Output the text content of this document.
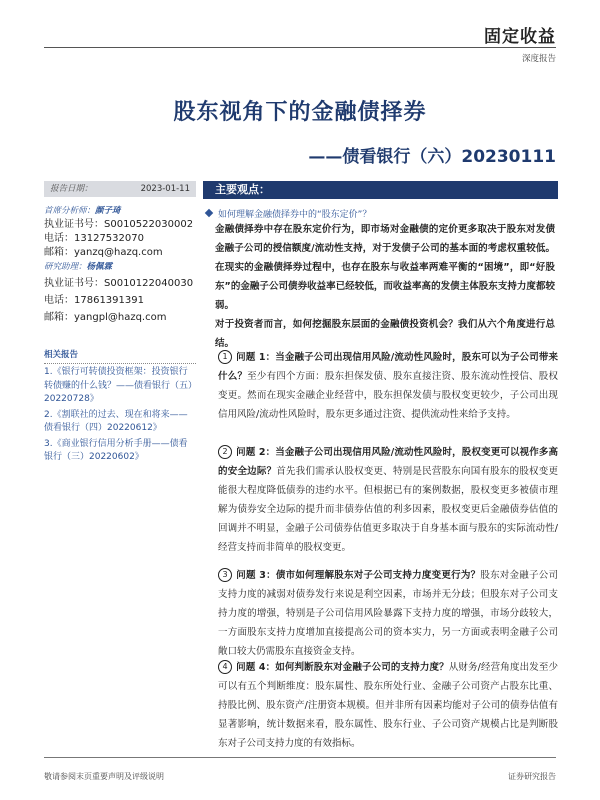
固定收益
深度报告
股东视角下的金融债择券
——债看银行（六）20230111
报告日期：	2023-01-11
首席分析师：颜子琦
执业证书号：S0010522030002
电话：13127532070
邮箱：yanzq@hazq.com
研究助理：杨佩霖
执业证书号：S0010122040030
电话：17861391391
邮箱：yangpl@hazq.com
相关报告
1.《银行可转债投资框架：投资银行转债赚的什么钱？——债看银行（五）20220728》
2.《割联社的过去、现在和将来——债看银行（四）20220612》
3.《商业银行信用分析手册——债看银行（三）20220602》
主要观点：
如何理解金融债择券中的“股东定价”？
金融债择券中存在股东定价行为，即市场对金融债的定价更多取决于股东对发债金融子公司的授信额度/流动性支持，对于发债子公司的基本面的考虑权重较低。在现实的金融债择券过程中，也存在股东与收益率两难平衡的“困境”，即“好股东”的金融子公司债券收益率已经较低，而收益率高的发债主体股东支持力度都较弱。
对于投资者而言，如何挖掘股东层面的金融债投资机会？我们从六个角度进行总结。
1 问题 1：当金融子公司出现信用风险/流动性风险时，股东可以为子公司带来什么？至少有四个方面：股东担保发债、股东直接注资、股东流动性授信、股权变更。然而在现实金融企业经营中，股东担保发债与股权变更较少，子公司出现信用风险/流动性风险时，股东更多通过注资、提供流动性来给予支持。
2 问题 2：当金融子公司出现信用风险/流动性风险时，股权变更可以视作多高的安全边际？首先我们需承认股权变更、特别是民营股东向国有股东的股权变更能很大程度降低债券的违约水平。但根据已有的案例数据，股权变更多被债市理解为债券安全边际的提升而非债券估值的利多因素，股权变更后金融债券估值的回调并不明显，金融子公司债券估值更多取决于自身基本面与股东的实际流动性/经营支持而非简单的股权变更。
3 问题 3：债市如何理解股东对子公司支持力度变更行为？股东对金融子公司支持力度的减弱对债券发行来说是利空因素，市场并无分歧；但股东对子公司支持力度的增强，特别是子公司信用风险暴露下支持力度的增强，市场分歧较大，一方面股东支持力度增加直接提高公司的资本实力，另一方面或表明金融子公司敞口较大仍需股东直接资金支持。
4 问题 4：如何判断股东对金融子公司的支持力度？从财务/经营角度出发至少可以有五个判断维度：股东属性、股东所处行业、金融子公司资产占股东比重、持股比例、股东资产/注册资本规模。但并非所有因素均能对子公司的债券估值有显著影响，统计数据来看，股东属性、股东行业、子公司资产规模占比是判断股东对子公司支持力度的有效指标。
敬请参阅末页重要声明及评级说明	证券研究报告
